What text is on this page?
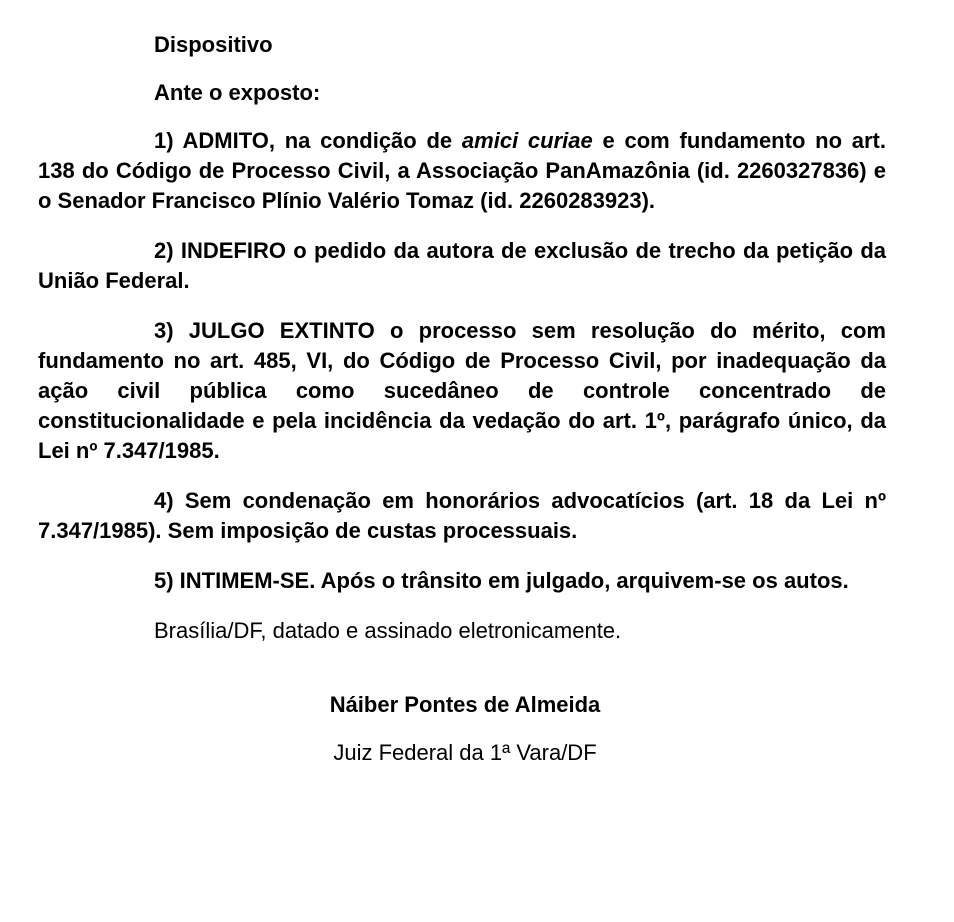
Dispositivo

Ante o exposto:

1) ADMITO, na condição de amici curiae e com fundamento no art. 138 do Código de Processo Civil, a Associação PanAmazônia (id. 2260327836) e o Senador Francisco Plínio Valério Tomaz (id. 2260283923).

2) INDEFIRO o pedido da autora de exclusão de trecho da petição da União Federal.

3) JULGO EXTINTO o processo sem resolução do mérito, com fundamento no art. 485, VI, do Código de Processo Civil, por inadequação da ação civil pública como sucedâneo de controle concentrado de constitucionalidade e pela incidência da vedação do art. 1º, parágrafo único, da Lei nº 7.347/1985.

4) Sem condenação em honorários advocatícios (art. 18 da Lei nº 7.347/1985). Sem imposição de custas processuais.

5) INTIMEM-SE. Após o trânsito em julgado, arquivem-se os autos.

Brasília/DF, datado e assinado eletronicamente.

Náiber Pontes de Almeida

Juiz Federal da 1ª Vara/DF
